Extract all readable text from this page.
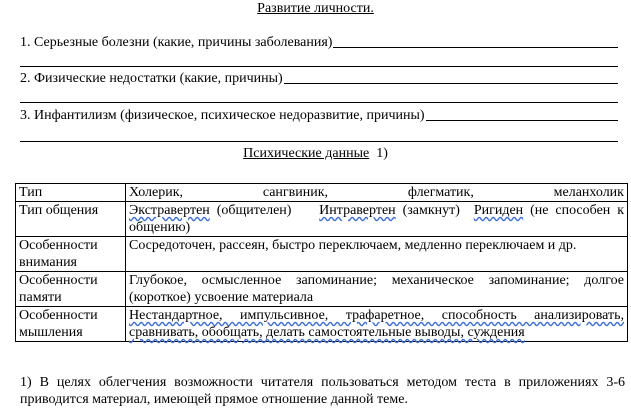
Развитие личности.
1. Серьезные болезни (какие, причины заболевания)
2. Физические недостатки (какие, причины)
3. Инфантилизм (физическое, психическое недоразвитие, причины)
Психические данные 1)
Тип	Холерик, сангвиник, флегматик, меланхолик

Тип общения	Экстравертен (общителен)    Интравертен (замкнут)  Ригиден (не способен к общению)
Особенности внимания	Сосредоточен, рассеян, быстро переключаем, медленно переключаем и др.
Особенности памяти	Глубокое, осмысленное запоминание; механическое запоминание; долгое (короткое) усвоение материала
Особенности мышления	Нестандартное, импульсивное, трафаретное, способность анализировать, сравнивать, обобщать, делать самостоятельные выводы, суждения
1) В целях облегчения возможности читателя пользоваться методом теста в приложениях 3-6 приводится материал, имеющей прямое отношение данной теме.
